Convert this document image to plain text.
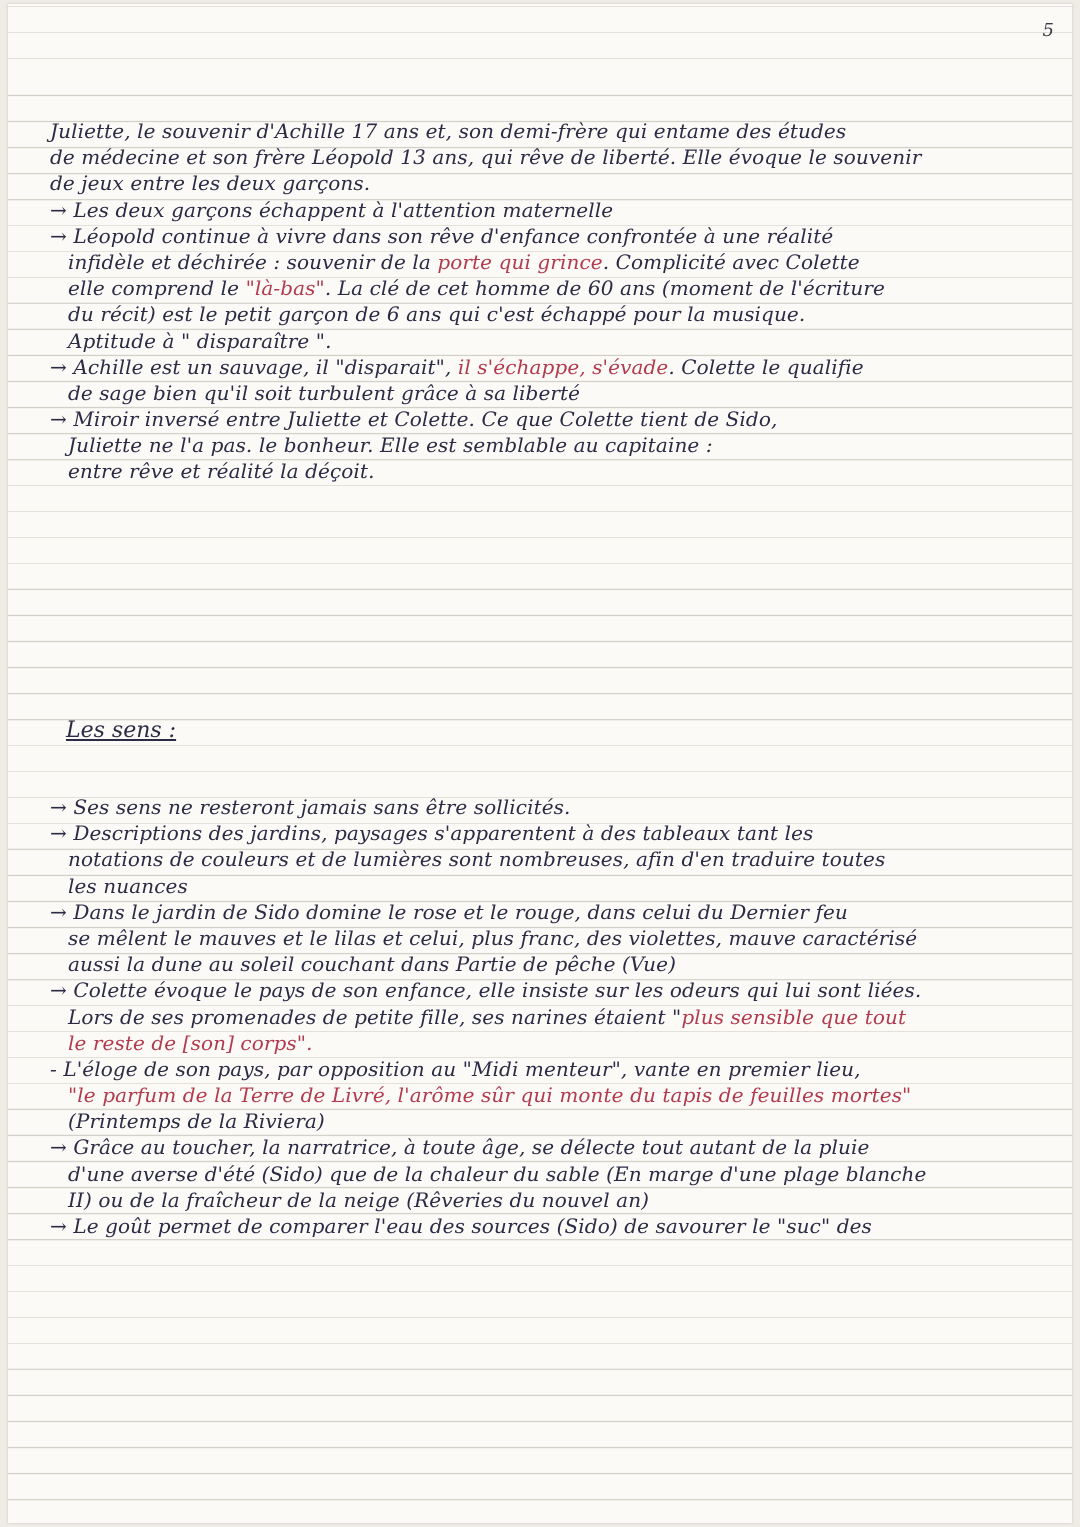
5
Juliette, le souvenir d'Achille 17 ans et, son demi-frère qui entame des études
de médecine et son frère Léopold 13 ans, qui rêve de liberté. Elle évoque le souvenir
de jeux entre les deux garçons.
→ Les deux garçons échappent à l'attention maternelle
→ Léopold continue à vivre dans son rêve d'enfance confrontée à une réalité
infidèle et déchirée : souvenir de la porte qui grince. Complicité avec Colette
elle comprend le "là-bas". La clé de cet homme de 60 ans (moment de l'écriture
du récit) est le petit garçon de 6 ans qui c'est échappé pour la musique.
Aptitude à " disparaître ".
→ Achille est un sauvage, il "disparait", il s'échappe, s'évade. Colette le qualifie
de sage bien qu'il soit turbulent grâce à sa liberté
→ Miroir inversé entre Juliette et Colette. Ce que Colette tient de Sido,
Juliette ne l'a pas. le bonheur. Elle est semblable au capitaine :
entre rêve et réalité la déçoit.
Les sens :
→ Ses sens ne resteront jamais sans être sollicités.
→ Descriptions des jardins, paysages s'apparentent à des tableaux tant les
notations de couleurs et de lumières sont nombreuses, afin d'en traduire toutes
les nuances
→ Dans le jardin de Sido domine le rose et le rouge, dans celui du Dernier feu
se mêlent le mauves et le lilas et celui, plus franc, des violettes, mauve caractérisé
aussi la dune au soleil couchant dans Partie de pêche (Vue)
→ Colette évoque le pays de son enfance, elle insiste sur les odeurs qui lui sont liées.
Lors de ses promenades de petite fille, ses narines étaient "plus sensible que tout
le reste de [son] corps".
- L'éloge de son pays, par opposition au "Midi menteur", vante en premier lieu,
"le parfum de la Terre de Livré, l'arôme sûr qui monte du tapis de feuilles mortes"
(Printemps de la Riviera)
→ Grâce au toucher, la narratrice, à toute âge, se délecte tout autant de la pluie
d'une averse d'été (Sido) que de la chaleur du sable (En marge d'une plage blanche
II) ou de la fraîcheur de la neige (Rêveries du nouvel an)
→ Le goût permet de comparer l'eau des sources (Sido) de savourer le "suc" des
